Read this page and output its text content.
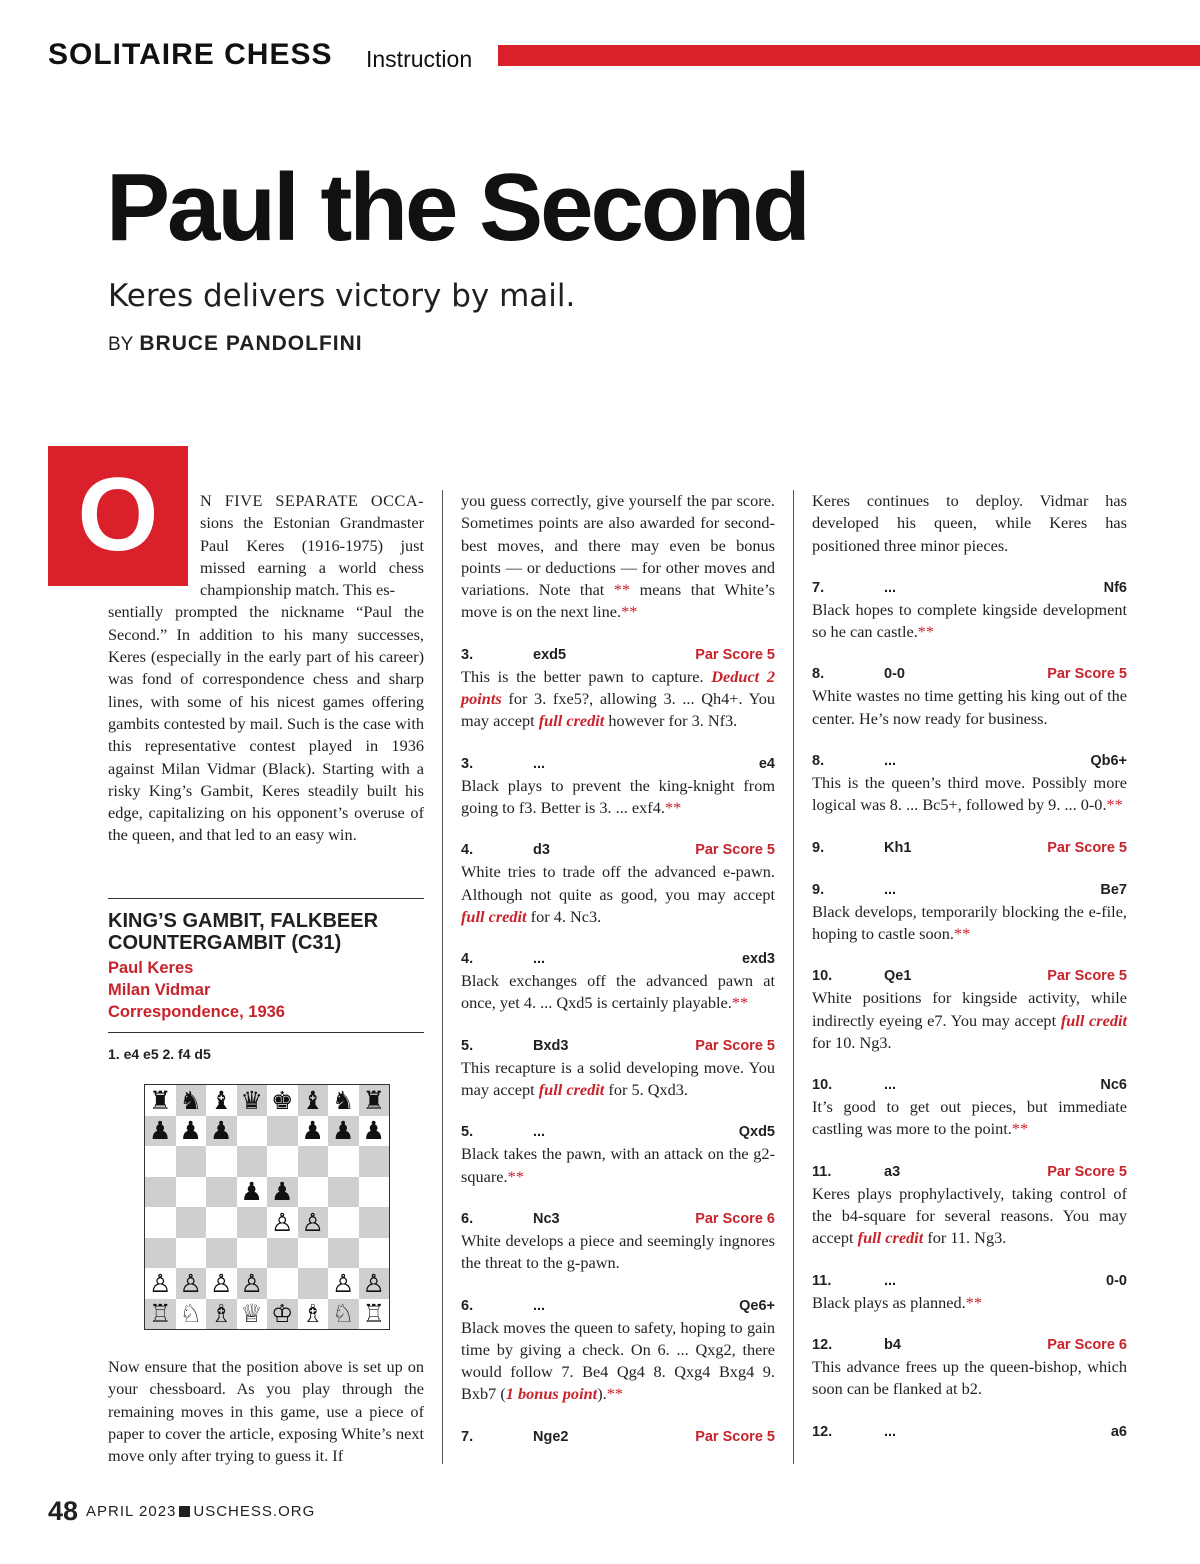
SOLITAIRE CHESS Instruction
Paul the Second
Keres delivers victory by mail.
BY BRUCE PANDOLFINI
O	N FIVE SEPARATE OCCA- sions the Estonian Grandmaster Paul Keres (1916-1975) just missed earning a world chess championship match. This es-

sentially prompted the nickname “Paul the Second.” In addition to his many successes, Keres (especially in the early part of his career) was fond of correspondence chess and sharp lines, with some of his nicest games offering gambits contested by mail. Such is the case with this representative contest played in 1936 against Milan Vidmar (Black). Starting with a risky King’s Gambit, Keres steadily built his edge, capitalizing on his opponent’s overuse of the queen, and that led to an easy win.

KING’S GAMBIT, FALKBEER COUNTERGAMBIT (C31)
Paul Keres
Milan Vidmar
Correspondence, 1936
1. e4 e5 2. f4 d5
♜ ♞ ♝ ♛ ♚ ♝ ♞ ♜
♟ ♟ ♟	♟ ♟ ♟
♟ ♟
♙ ♙
♙ ♙ ♙ ♙	♙ ♙
♖ ♘ ♗ ♕ ♔ ♗ ♘ ♖

Now ensure that the position above is set up on your chessboard. As you play through the remaining moves in this game, use a piece of paper to cover the article, exposing White’s next move only after trying to guess it. If

you guess correctly, give yourself the par score. Sometimes points are also awarded for second-best moves, and there may even be bonus points — or deductions — for other moves and variations. Note that ** means that White’s move is on the next line.**

3.	exd5	Par Score 5

This is the better pawn to capture. Deduct 2 points for 3. fxe5?, allowing 3. ... Qh4+. You may accept full credit however for 3. Nf3.

3.	...	e4

Black plays to prevent the king-knight from going to f3. Better is 3. ... exf4.**

4.	d3	Par Score 5

White tries to trade off the advanced e-pawn. Although not quite as good, you may accept full credit for 4. Nc3.

4.	...	exd3

Black exchanges off the advanced pawn at once, yet 4. ... Qxd5 is certainly playable.**

5.	Bxd3	Par Score 5

This recapture is a solid developing move. You may accept full credit for 5. Qxd3.

5.	...	Qxd5

Black takes the pawn, with an attack on the g2-square.**

6.	Nc3	Par Score 6

White develops a piece and seemingly ingnores the threat to the g-pawn.

6.	...	Qe6+

Black moves the queen to safety, hoping to gain time by giving a check. On 6. ... Qxg2, there would follow 7. Be4 Qg4 8. Qxg4 Bxg4 9. Bxb7 (1 bonus point).**

7.	Nge2	Par Score 5

Keres continues to deploy. Vidmar has developed his queen, while Keres has positioned three minor pieces.

7.	...	Nf6

Black hopes to complete kingside development so he can castle.**

8.	0-0	Par Score 5

White wastes no time getting his king out of the center. He’s now ready for business.

8.	...	Qb6+

This is the queen’s third move. Possibly more logical was 8. ... Bc5+, followed by 9. ... 0-0.**

9.	Kh1	Par Score 5
9.	...	Be7

Black develops, temporarily blocking the e-file, hoping to castle soon.**

10.	Qe1	Par Score 5

White positions for kingside activity, while indirectly eyeing e7. You may accept full credit for 10. Ng3.

10.	...	Nc6

It’s good to get out pieces, but immediate castling was more to the point.**

11.	a3	Par Score 5

Keres plays prophylactively, taking control of the b4-square for several reasons. You may accept full credit for 11. Ng3.

11.	...	0-0

Black plays as planned.**

12.	b4	Par Score 6

This advance frees up the queen-bishop, which soon can be flanked at b2.

12.	...	a6
48 APRIL 2023 USCHESS.ORG
